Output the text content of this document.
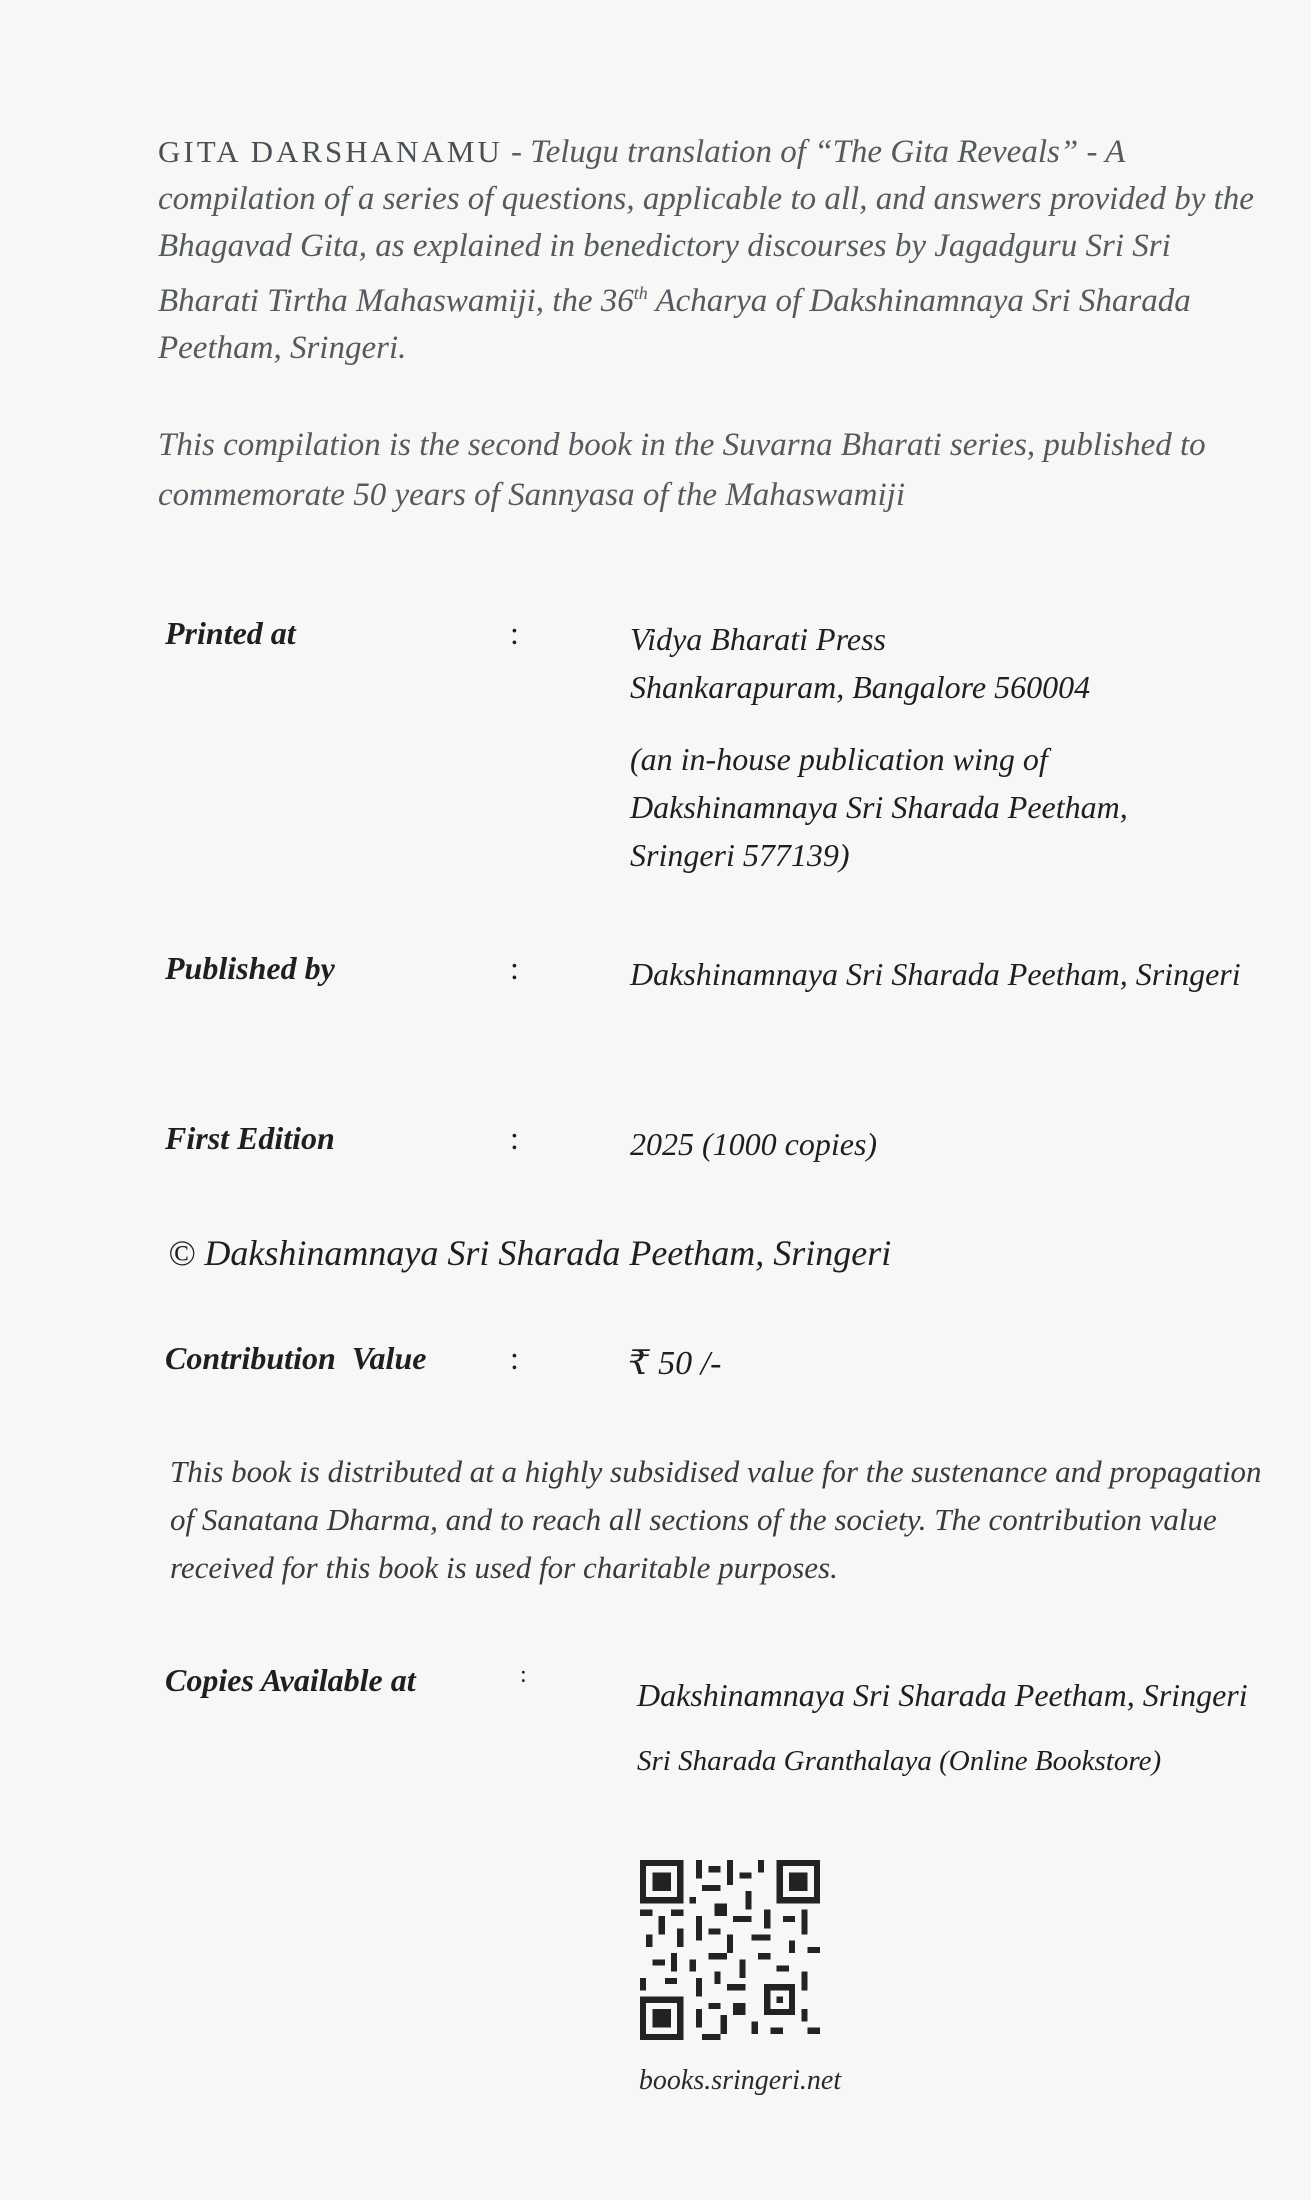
GITA DARSHANAMU - Telugu translation of “The Gita Reveals” - A compilation of a series of questions, applicable to all, and answers provided by the Bhagavad Gita, as explained in benedictory discourses by Jagadguru Sri Sri Bharati Tirtha Mahaswamiji, the 36th Acharya of Dakshinamnaya Sri Sharada Peetham, Sringeri.
This compilation is the second book in the Suvarna Bharati series, published to commemorate 50 years of Sannyasa of the Mahaswamiji
Printed at	:	Vidya Bharati Press
Shankarapuram, Bangalore 560004
(an in-house publication wing of
Dakshinamnaya Sri Sharada Peetham,
Sringeri 577139)
Published by	:	Dakshinamnaya Sri Sharada Peetham, Sringeri
First Edition	:	2025 (1000 copies)
© Dakshinamnaya Sri Sharada Peetham, Sringeri
Contribution  Value	:	₹ 50 /-
This book is distributed at a highly subsidised value for the sustenance and propagation of Sanatana Dharma, and to reach all sections of the society. The contribution value received for this book is used for charitable purposes.
Copies Available at	:
Dakshinamnaya Sri Sharada Peetham, Sringeri
Sri Sharada Granthalaya (Online Bookstore)
books.sringeri.net
